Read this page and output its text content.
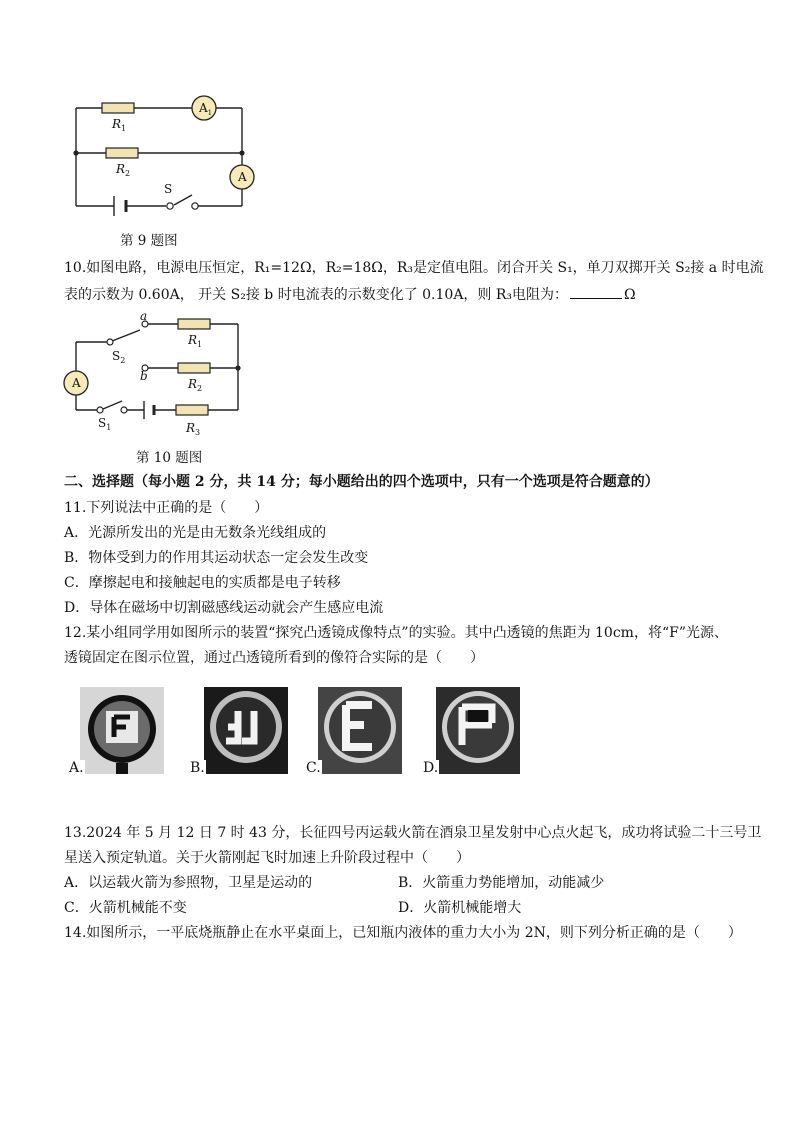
$R_1$
$R_2$
$A_1$
A
S
第 9 题图
10.如图电路，电源电压恒定，R₁=12Ω，R₂=18Ω，R₃是定值电阻。闭合开关 S₁，单刀双掷开关 S₂接 a 时电流
表的示数为 0.60A， 开关 S₂接 b 时电流表的示数变化了 0.10A，则 R₃电阻为：	Ω
a
b
$S_2$
$S_1$
A
$R_1$
$R_2$
$R_3$
第 10 题图
二、选择题（每小题 2 分，共 14 分；每小题给出的四个选项中，只有一个选项是符合题意的）
11.下列说法中正确的是（　　）
A．光源所发出的光是由无数条光线组成的
B．物体受到力的作用其运动状态一定会发生改变
C．摩擦起电和接触起电的实质都是电子转移
D．导体在磁场中切割磁感线运动就会产生感应电流
12.某小组同学用如图所示的装置“探究凸透镜成像特点”的实验。其中凸透镜的焦距为 10cm，将“F”光源、
透镜固定在图示位置，通过凸透镜所看到的像符合实际的是（　　）
A.	B.	C.	D.
13.2024 年 5 月 12 日 7 时 43 分，长征四号丙运载火箭在酒泉卫星发射中心点火起飞，成功将试验二十三号卫
星送入预定轨道。关于火箭刚起飞时加速上升阶段过程中（　　）
A．以运载火箭为参照物，卫星是运动的	B．火箭重力势能增加，动能减少
C．火箭机械能不变	D．火箭机械能增大
14.如图所示，一平底烧瓶静止在水平桌面上，已知瓶内液体的重力大小为 2N，则下列分析正确的是（　　）
